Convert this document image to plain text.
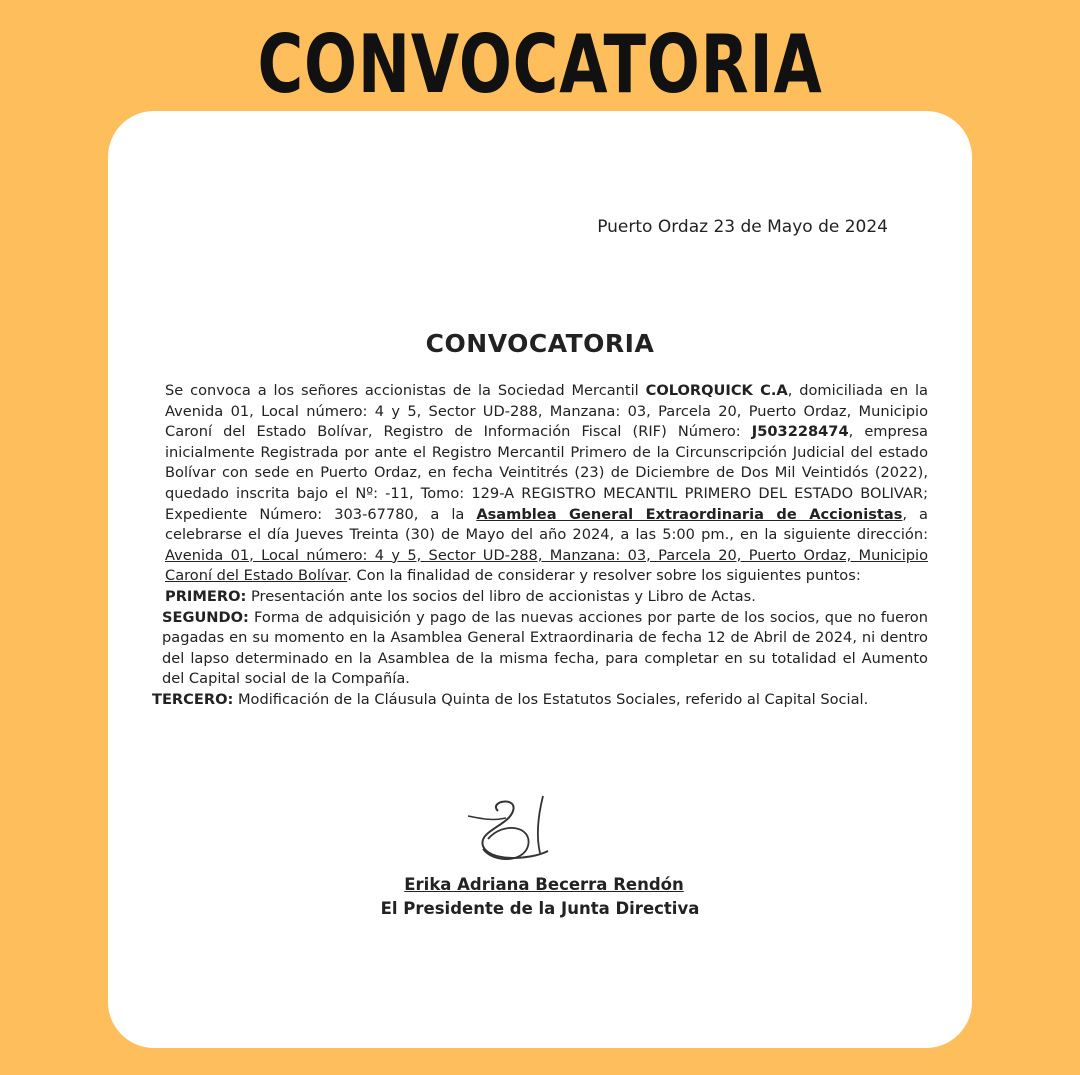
CONVOCATORIA
Puerto Ordaz 23 de Mayo de 2024
CONVOCATORIA

Se convoca a los señores accionistas de la Sociedad Mercantil COLORQUICK C.A, domiciliada en la Avenida 01, Local número: 4 y 5, Sector UD-288, Manzana: 03, Parcela 20, Puerto Ordaz, Municipio Caroní del Estado Bolívar, Registro de Información Fiscal (RIF) Número: J503228474, empresa inicialmente Registrada por ante el Registro Mercantil Primero de la Circunscripción Judicial del estado Bolívar con sede en Puerto Ordaz, en fecha Veintitrés (23) de Diciembre de Dos Mil Veintidós (2022), quedado inscrita bajo el Nº: -11, Tomo: 129-A REGISTRO MECANTIL PRIMERO DEL ESTADO BOLIVAR; Expediente Número: 303-67780, a la Asamblea General Extraordinaria de Accionistas, a celebrarse el día Jueves Treinta (30) de Mayo del año 2024, a las 5:00 pm., en la siguiente dirección: Avenida 01, Local número: 4 y 5, Sector UD-288, Manzana: 03, Parcela 20, Puerto Ordaz, Municipio Caroní del Estado Bolívar. Con la finalidad de considerar y resolver sobre los siguientes puntos:

PRIMERO: Presentación ante los socios del libro de accionistas y Libro de Actas.

SEGUNDO: Forma de adquisición y pago de las nuevas acciones por parte de los socios, que no fueron pagadas en su momento en la Asamblea General Extraordinaria de fecha 12 de Abril de 2024, ni dentro del lapso determinado en la Asamblea de la misma fecha, para completar en su totalidad el Aumento del Capital social de la Compañía.

TERCERO: Modificación de la Cláusula Quinta de los Estatutos Sociales, referido al Capital Social.

Erika Adriana Becerra Rendón
El Presidente de la Junta Directiva
